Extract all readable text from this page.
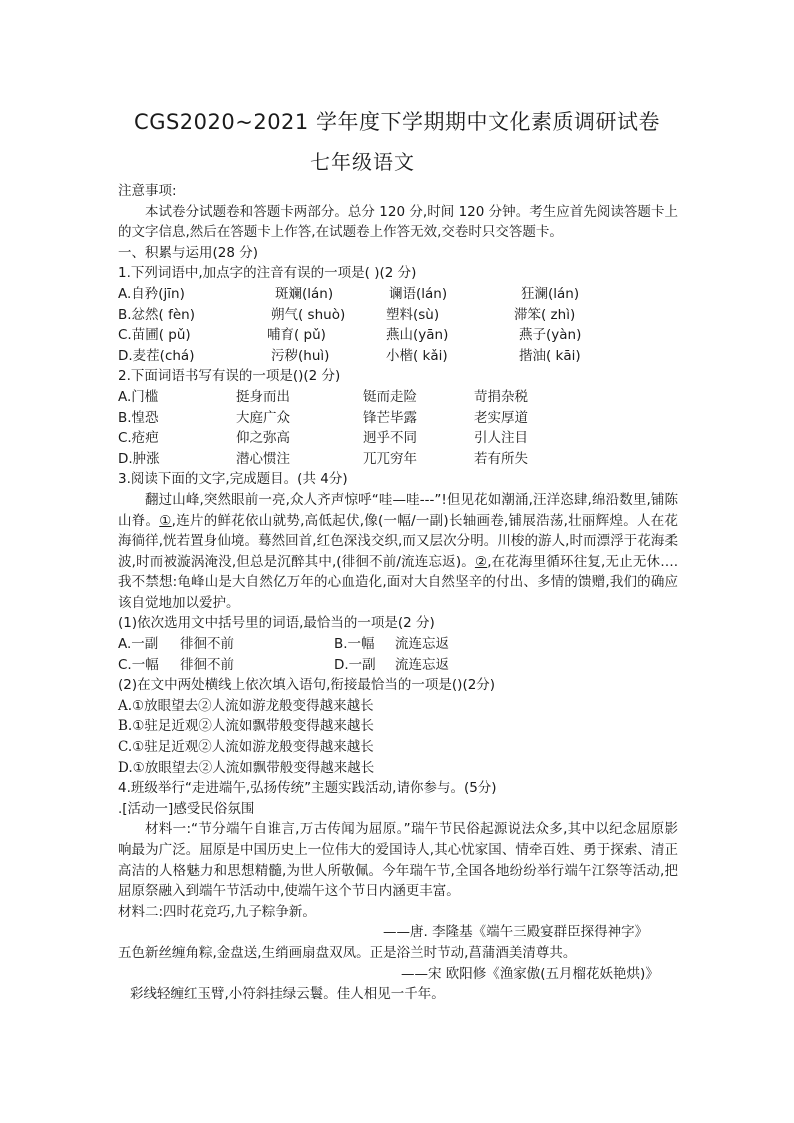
CGS2020~2021 学年度下学期期中文化素质调研试卷
七年级语文
注意事项:
本试卷分试题卷和答题卡两部分。总分 120 分,时间 120 分钟。考生应首先阅读答题卡上的文字信息,然后在答题卡上作答,在试题卷上作答无效,交卷时只交答题卡。
一、积累与运用(28 分)
1.下列词语中,加点字的注音有误的一项是( )(2 分)
A.自矜(jīn)	斑斓(lán)	谰语(lán)	狂澜(lán)
B.忿然( fèn)	朔气( shuò)	塑料(sù)	滞笨( zhì)
C.苗圃( pǔ)	哺育( pǔ)	燕山(yān)	燕子(yàn)
D.麦茬(chá)	污秽(huì)	小楷( kǎi)	揩油( kāi)
2.下面词语书写有误的一项是()(2 分)
A.门槛	挺身而出	铤而走险	苛捐杂税
B.惶恐	大庭广众	锋芒毕露	老实厚道
C.疮疤	仰之弥高	迥乎不同	引人注目
D.肿涨	潜心惯注	兀兀穷年	若有所失
3.阅读下面的文字,完成题目。(共 4分)
翻过山峰,突然眼前一亮,众人齐声惊呼“哇—哇---”!但见花如潮涌,汪洋恣肆,绵沿数里,铺陈山脊。①,连片的鲜花依山就势,高低起伏,像(一幅/一副)长轴画卷,铺展浩荡,壮丽辉煌。人在花海徜徉,恍若置身仙境。蓦然回首,红色深浅交织,而又层次分明。川梭的游人,时而漂浮于花海柔波,时而被漩涡淹没,但总是沉醉其中,(徘徊不前/流连忘返)。②,在花海里循环往复,无止无休….我不禁想:龟峰山是大自然亿万年的心血造化,面对大自然坚辛的付出、多情的馈赠,我们的确应该自觉地加以爱护。
(1)依次选用文中括号里的词语,最恰当的一项是(2 分)
A.一副 徘徊不前	B.一幅 流连忘返
C.一幅 徘徊不前	D.一副 流连忘返
(2)在文中两处横线上依次填入语句,衔接最恰当的一项是()(2分)
A.①放眼望去②人流如游龙般变得越来越长
B.①驻足近观②人流如飘带般变得越来越长
C.①驻足近观②人流如游龙般变得越来越长
D.①放眼望去②人流如飘带般变得越来越长
4.班级举行“走进端午,弘扬传统”主题实践活动,请你参与。(5分)
.[活动一]感受民俗氛围
材料一:“节分端午自谁言,万古传闻为屈原。”瑞午节民俗起源说法众多,其中以纪念屈原影响最为广泛。屈原是中国历史上一位伟大的爱国诗人,其心忧家国、情牵百姓、勇于探索、清正高洁的人格魅力和思想精髓,为世人所敬佩。今年瑞午节,全国各地纷纷举行端午江祭等活动,把屈原祭融入到端午节活动中,使端午这个节日内涵更丰富。
材料二:四时花竞巧,九子粽争新。
——唐. 李隆基《端午三殿宴群臣探得神字》
五色新丝缠角粽,金盘送,生绡画扇盘双凤。正是浴兰时节动,菖蒲酒美清尊共。
——宋 欧阳修《渔家傲(五月榴花妖艳烘)》
彩线轻缠红玉臂,小符斜挂绿云鬟。佳人相见一千年。
